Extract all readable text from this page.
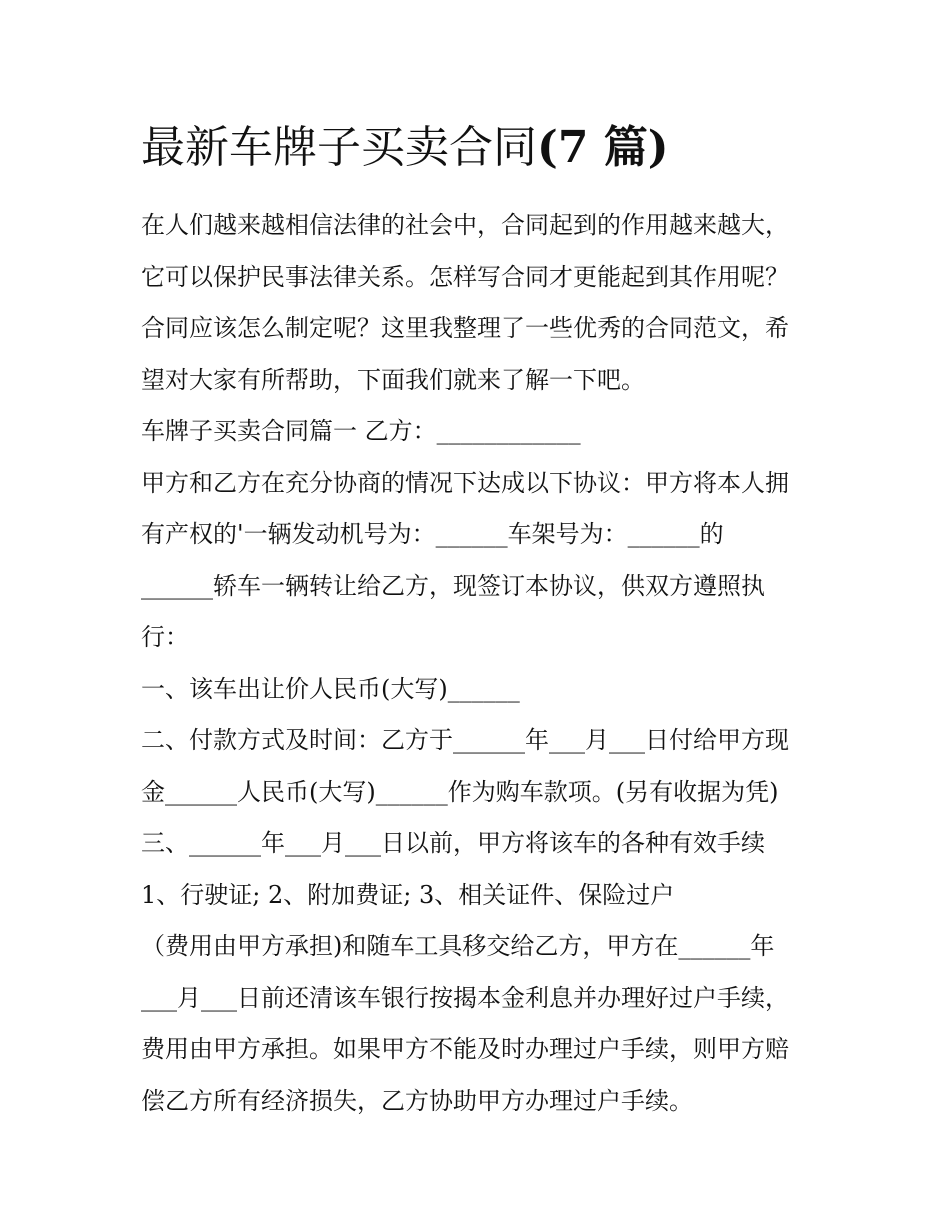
最新车牌子买卖合同(7 篇)

在人们越来越相信法律的社会中，合同起到的作用越来越大，

它可以保护民事法律关系。怎样写合同才更能起到其作用呢？

合同应该怎么制定呢？这里我整理了一些优秀的合同范文，希

望对大家有所帮助，下面我们就来了解一下吧。

车牌子买卖合同篇一 乙方：____________

甲方和乙方在充分协商的情况下达成以下协议：甲方将本人拥

有产权的'一辆发动机号为：______车架号为：______的

______轿车一辆转让给乙方，现签订本协议，供双方遵照执

行：

一、该车出让价人民币(大写)______

二、付款方式及时间：乙方于______年___月___日付给甲方现

金______人民币(大写)______作为购车款项。(另有收据为凭)

三、______年___月___日以前，甲方将该车的各种有效手续

1、行驶证; 2、附加费证; 3、相关证件、保险过户

（费用由甲方承担)和随车工具移交给乙方，甲方在______年

___月___日前还清该车银行按揭本金利息并办理好过户手续，

费用由甲方承担。如果甲方不能及时办理过户手续，则甲方赔

偿乙方所有经济损失，乙方协助甲方办理过户手续。
